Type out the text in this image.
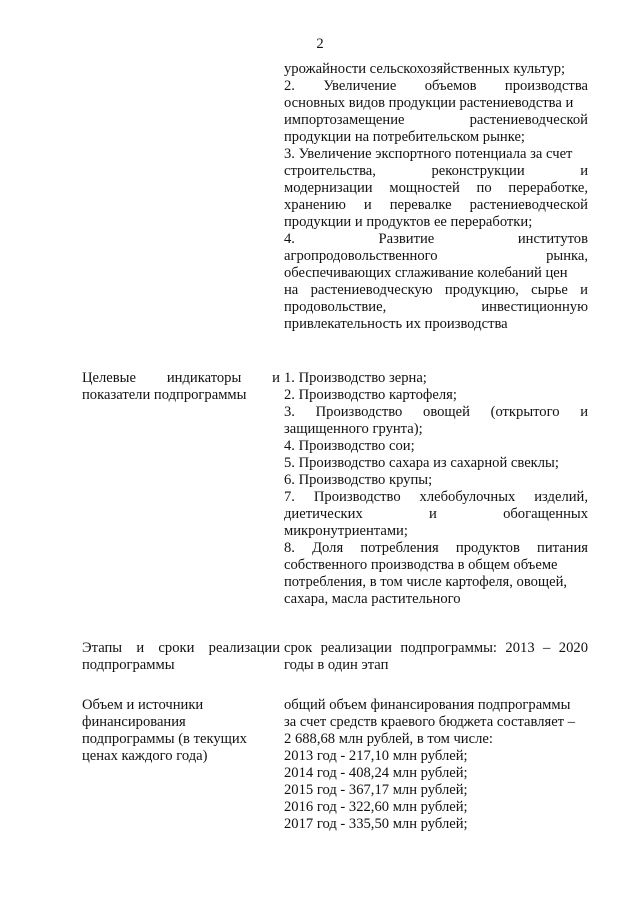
2
урожайности сельскохозяйственных культур;
2. Увеличение объемов производства
основных видов продукции растениеводства и
импортозамещение растениеводческой
продукции на потребительском рынке;
3. Увеличение экспортного потенциала за счет
строительства, реконструкции и
модернизации мощностей по переработке,
хранению и перевалке растениеводческой
продукции и продуктов ее переработки;
4. Развитие институтов
агропродовольственного рынка,
обеспечивающих сглаживание колебаний цен
на растениеводческую продукцию, сырье и
продовольствие, инвестиционную
привлекательность их производства
Целевые индикаторы и
показатели подпрограммы
1. Производство зерна;
2. Производство картофеля;
3. Производство овощей (открытого и
защищенного грунта);
4. Производство сои;
5. Производство сахара из сахарной свеклы;
6. Производство крупы;
7. Производство хлебобулочных изделий,
диетических и обогащенных
микронутриентами;
8. Доля потребления продуктов питания
собственного производства в общем объеме
потребления, в том числе картофеля, овощей,
сахара, масла растительного
Этапы и сроки реализации
подпрограммы
срок реализации подпрограммы: 2013 – 2020
годы в один этап
Объем и источники
финансирования
подпрограммы (в текущих
ценах каждого года)
общий объем финансирования подпрограммы
за счет средств краевого бюджета составляет –
2 688,68 млн рублей, в том числе:
2013 год - 217,10 млн рублей;
2014 год - 408,24 млн рублей;
2015 год - 367,17 млн рублей;
2016 год - 322,60 млн рублей;
2017 год - 335,50 млн рублей;
